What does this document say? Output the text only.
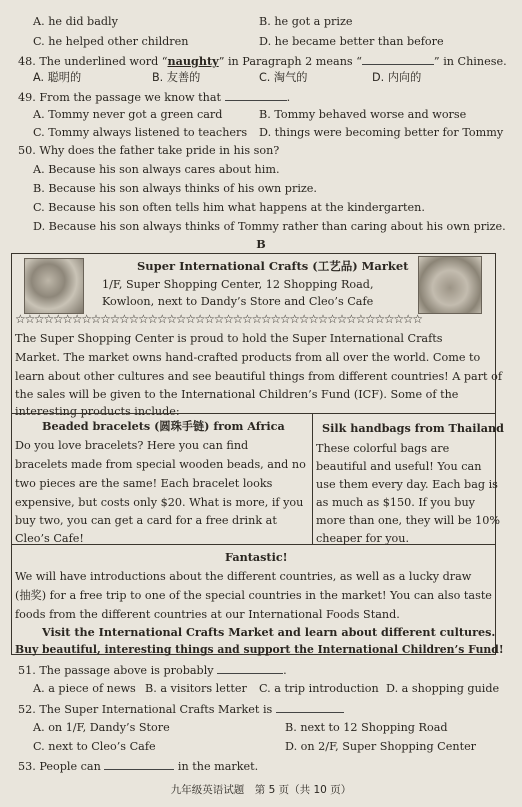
A. he did badly	B. he got a prize
C. he helped other children	D. he became better than before
48. The underlined word “naughty” in Paragraph 2 means “	” in Chinese.
A. 聪明的	B. 友善的	C. 淘气的	D. 内向的
49. From the passage we know that	.
A. Tommy never got a green card	B. Tommy behaved worse and worse
C. Tommy always listened to teachers D. things were becoming better for Tommy
50. Why does the father take pride in his son?
A. Because his son always cares about him.
B. Because his son always thinks of his own prize.
C. Because his son often tells him what happens at the kindergarten.
D. Because his son always thinks of Tommy rather than caring about his own prize.
B
Super International Crafts (工艺品) Market
1/F, Super Shopping Center, 12 Shopping Road,
Kowloon, next to Dandy’s Store and Cleo’s Cafe
☆☆☆☆☆☆☆☆☆☆☆☆☆☆☆☆☆☆☆☆☆☆☆☆☆☆☆☆☆☆☆☆☆☆☆☆☆☆☆☆☆☆☆
The Super Shopping Center is proud to hold the Super International Crafts
Market. The market owns hand-crafted products from all over the world. Come to
learn about other cultures and see beautiful things from different countries! A part of
the sales will be given to the International Children’s Fund (ICF). Some of the
interesting products include:
Beaded bracelets (圆珠手链) from Africa
Do you love bracelets? Here you can find
bracelets made from special wooden beads, and no
two pieces are the same! Each bracelet looks
expensive, but costs only $20. What is more, if you
buy two, you can get a card for a free drink at
Cleo’s Cafe!
Silk handbags from Thailand
These colorful bags are
beautiful and useful! You can
use them every day. Each bag is
as much as $150. If you buy
more than one, they will be 10%
cheaper for you.
Fantastic!
We will have introductions about the different countries, as well as a lucky draw
(抽奖) for a free trip to one of the special countries in the market! You can also taste
foods from the different countries at our International Foods Stand.
Visit the International Crafts Market and learn about different cultures.
Buy beautiful, interesting things and support the International Children’s Fund!
51. The passage above is probably	.
A. a piece of news B. a visitors letter C. a trip introduction D. a shopping guide
52. The Super International Crafts Market is
A. on 1/F, Dandy’s Store	B. next to 12 Shopping Road
C. next to Cleo’s Cafe	D. on 2/F, Super Shopping Center
53. People can	in the market.
九年级英语试题　第 5 页（共 10 页）
